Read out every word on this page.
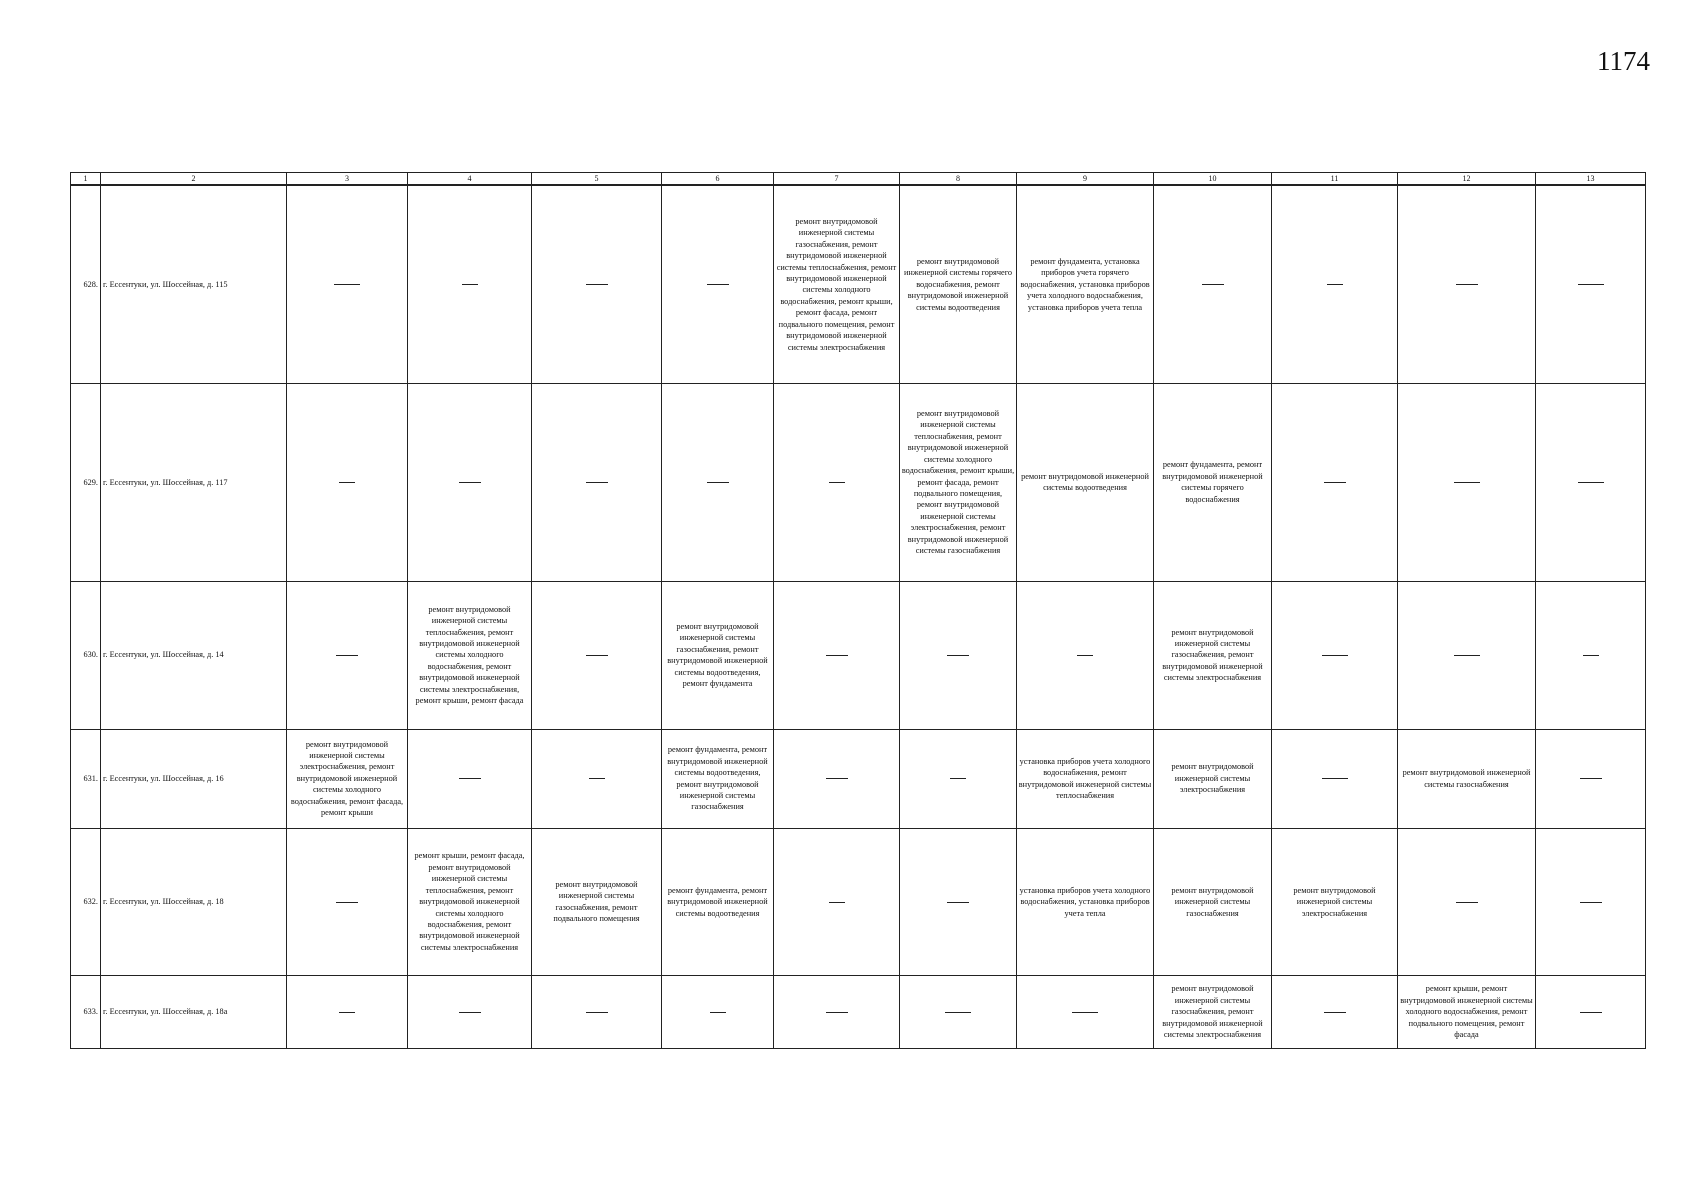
1174
1	2	3	4	5	6	7	8	9	10	11	12	13
628.	г. Ессентуки, ул. Шоссейная, д. 115					ремонт внутридомовой инженерной системы газоснабжения, ремонт внутридомовой инженерной системы теплоснабжения, ремонт внутридомовой инженерной системы холодного водоснабжения, ремонт крыши, ремонт фасада, ремонт подвального помещения, ремонт внутридомовой инженерной системы электроснабжения	ремонт внутридомовой инженерной системы горячего водоснабжения, ремонт внутридомовой инженерной системы водоотведения	ремонт фундамента, установка приборов учета горячего водоснабжения, установка приборов учета холодного водоснабжения, установка приборов учета тепла				
629.	г. Ессентуки, ул. Шоссейная, д. 117						ремонт внутридомовой инженерной системы теплоснабжения, ремонт внутридомовой инженерной системы холодного водоснабжения, ремонт крыши, ремонт фасада, ремонт подвального помещения, ремонт внутридомовой инженерной системы электроснабжения, ремонт внутридомовой инженерной системы газоснабжения	ремонт внутридомовой инженерной системы водоотведения	ремонт фундамента, ремонт внутридомовой инженерной системы горячего водоснабжения			
630.	г. Ессентуки, ул. Шоссейная, д. 14		ремонт внутридомовой инженерной системы теплоснабжения, ремонт внутридомовой инженерной системы холодного водоснабжения, ремонт внутридомовой инженерной системы электроснабжения, ремонт крыши, ремонт фасада		ремонт внутридомовой инженерной системы газоснабжения, ремонт внутридомовой инженерной системы водоотведения, ремонт фундамента				ремонт внутридомовой инженерной системы газоснабжения, ремонт внутридомовой инженерной системы электроснабжения			
631.	г. Ессентуки, ул. Шоссейная, д. 16	ремонт внутридомовой инженерной системы электроснабжения, ремонт внутридомовой инженерной системы холодного водоснабжения, ремонт фасада, ремонт крыши			ремонт фундамента, ремонт внутридомовой инженерной системы водоотведения, ремонт внутридомовой инженерной системы газоснабжения			установка приборов учета холодного водоснабжения, ремонт внутридомовой инженерной системы теплоснабжения	ремонт внутридомовой инженерной системы электроснабжения		ремонт внутридомовой инженерной системы газоснабжения	
632.	г. Ессентуки, ул. Шоссейная, д. 18		ремонт крыши, ремонт фасада, ремонт внутридомовой инженерной системы теплоснабжения, ремонт внутридомовой инженерной системы холодного водоснабжения, ремонт внутридомовой инженерной системы электроснабжения	ремонт внутридомовой инженерной системы газоснабжения, ремонт подвального помещения	ремонт фундамента, ремонт внутридомовой инженерной системы водоотведения			установка приборов учета холодного водоснабжения, установка приборов учета тепла	ремонт внутридомовой инженерной системы газоснабжения	ремонт внутридомовой инженерной системы электроснабжения		
633.	г. Ессентуки, ул. Шоссейная, д. 18а								ремонт внутридомовой инженерной системы газоснабжения, ремонт внутридомовой инженерной системы электроснабжения		ремонт крыши, ремонт внутридомовой инженерной системы холодного водоснабжения, ремонт подвального помещения, ремонт фасада	
